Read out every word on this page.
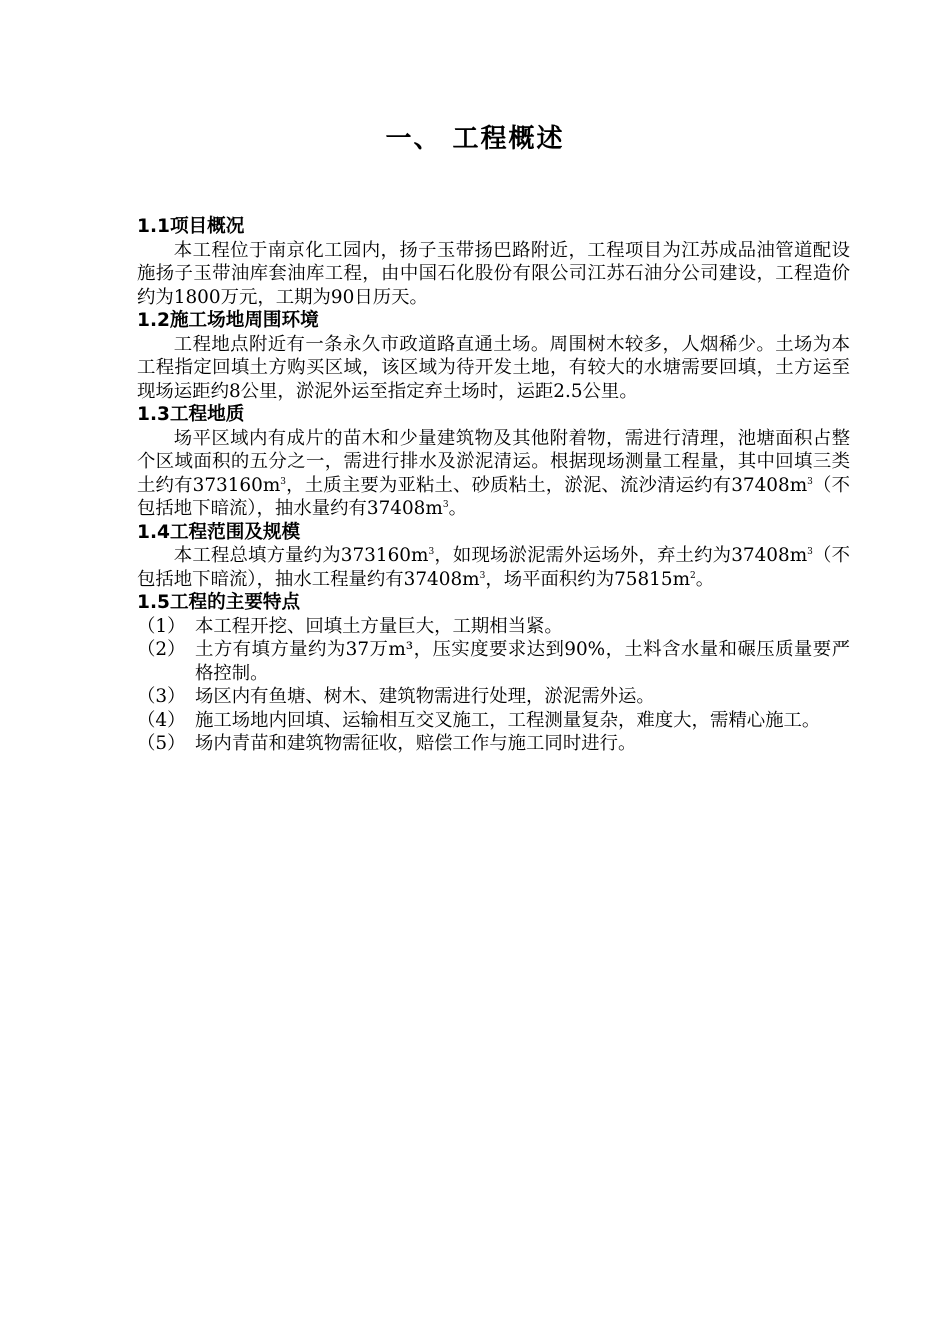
一、 工程概述
1.1项目概况
本工程位于南京化工园内，扬子玉带扬巴路附近，工程项目为江苏成品油管道配设施扬子玉带油库套油库工程，由中国石化股份有限公司江苏石油分公司建设，工程造价约为1800万元，工期为90日历天。
1.2施工场地周围环境
工程地点附近有一条永久市政道路直通土场。周围树木较多，人烟稀少。土场为本工程指定回填土方购买区域，该区域为待开发土地，有较大的水塘需要回填，土方运至现场运距约8公里，淤泥外运至指定弃土场时，运距2.5公里。
1.3工程地质
场平区域内有成片的苗木和少量建筑物及其他附着物，需进行清理，池塘面积占整个区域面积的五分之一，需进行排水及淤泥清运。根据现场测量工程量，其中回填三类土约有$373160m^3$，土质主要为亚粘土、砂质粘土，淤泥、流沙清运约有$37408m^3$（不包括地下暗流），抽水量约有$37408m^3$。
1.4工程范围及规模
本工程总填方量约为$373160m^3$，如现场淤泥需外运场外，弃土约为$37408m^3$（不包括地下暗流），抽水工程量约有$37408m^3$，场平面积约为$75815m^2$。
1.5工程的主要特点
（1） 本工程开挖、回填土方量巨大，工期相当紧。
（2） 土方有填方量约为37万m³，压实度要求达到90%，土料含水量和碾压质量要严格控制。
（3） 场区内有鱼塘、树木、建筑物需进行处理，淤泥需外运。
（4） 施工场地内回填、运输相互交叉施工，工程测量复杂，难度大，需精心施工。
（5） 场内青苗和建筑物需征收，赔偿工作与施工同时进行。
